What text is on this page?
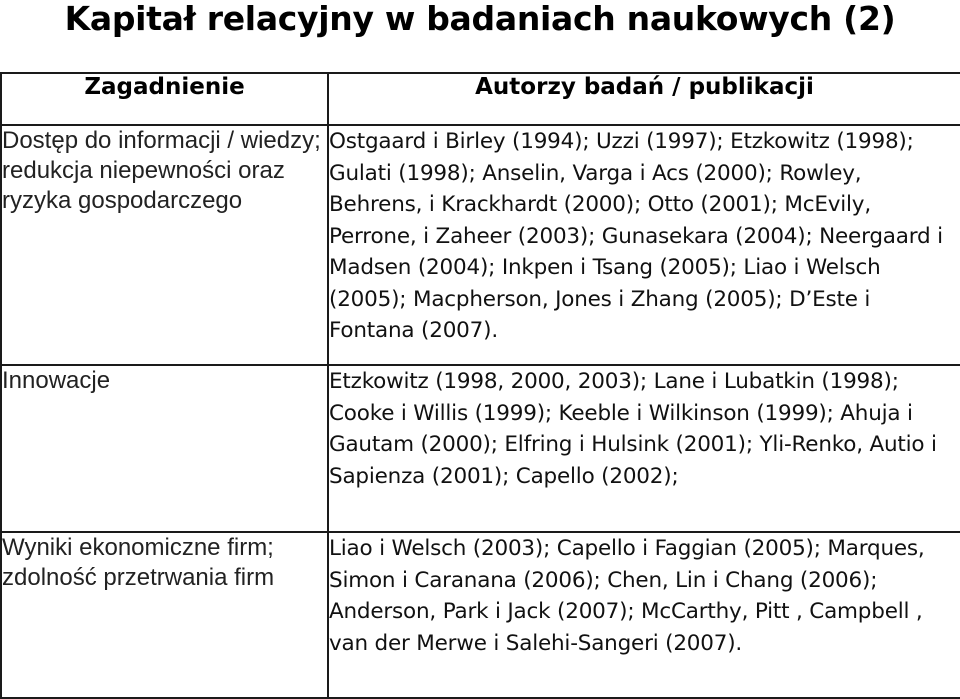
Kapitał relacyjny w badaniach naukowych (2)
Zagadnienie	Autorzy badań / publikacji
Dostęp do informacji / wiedzy; redukcja niepewności oraz ryzyka gospodarczego	Ostgaard i Birley (1994); Uzzi (1997); Etzkowitz (1998); Gulati (1998); Anselin, Varga i Acs (2000); Rowley, Behrens, i Krackhardt (2000); Otto (2001); McEvily, Perrone, i Zaheer (2003); Gunasekara (2004); Neergaard i Madsen (2004); Inkpen i Tsang (2005); Liao i Welsch (2005); Macpherson, Jones i Zhang (2005); D’Este i Fontana (2007).
Innowacje	Etzkowitz (1998, 2000, 2003); Lane i Lubatkin (1998); Cooke i Willis (1999); Keeble i Wilkinson (1999); Ahuja i Gautam (2000); Elfring i Hulsink (2001); Yli-Renko, Autio i Sapienza (2001); Capello (2002);
Wyniki ekonomiczne firm; zdolność przetrwania firm	Liao i Welsch (2003); Capello i Faggian (2005); Marques, Simon i Caranana (2006); Chen, Lin i Chang (2006); Anderson, Park i Jack (2007); McCarthy, Pitt , Campbell , van der Merwe i Salehi-Sangeri (2007).
